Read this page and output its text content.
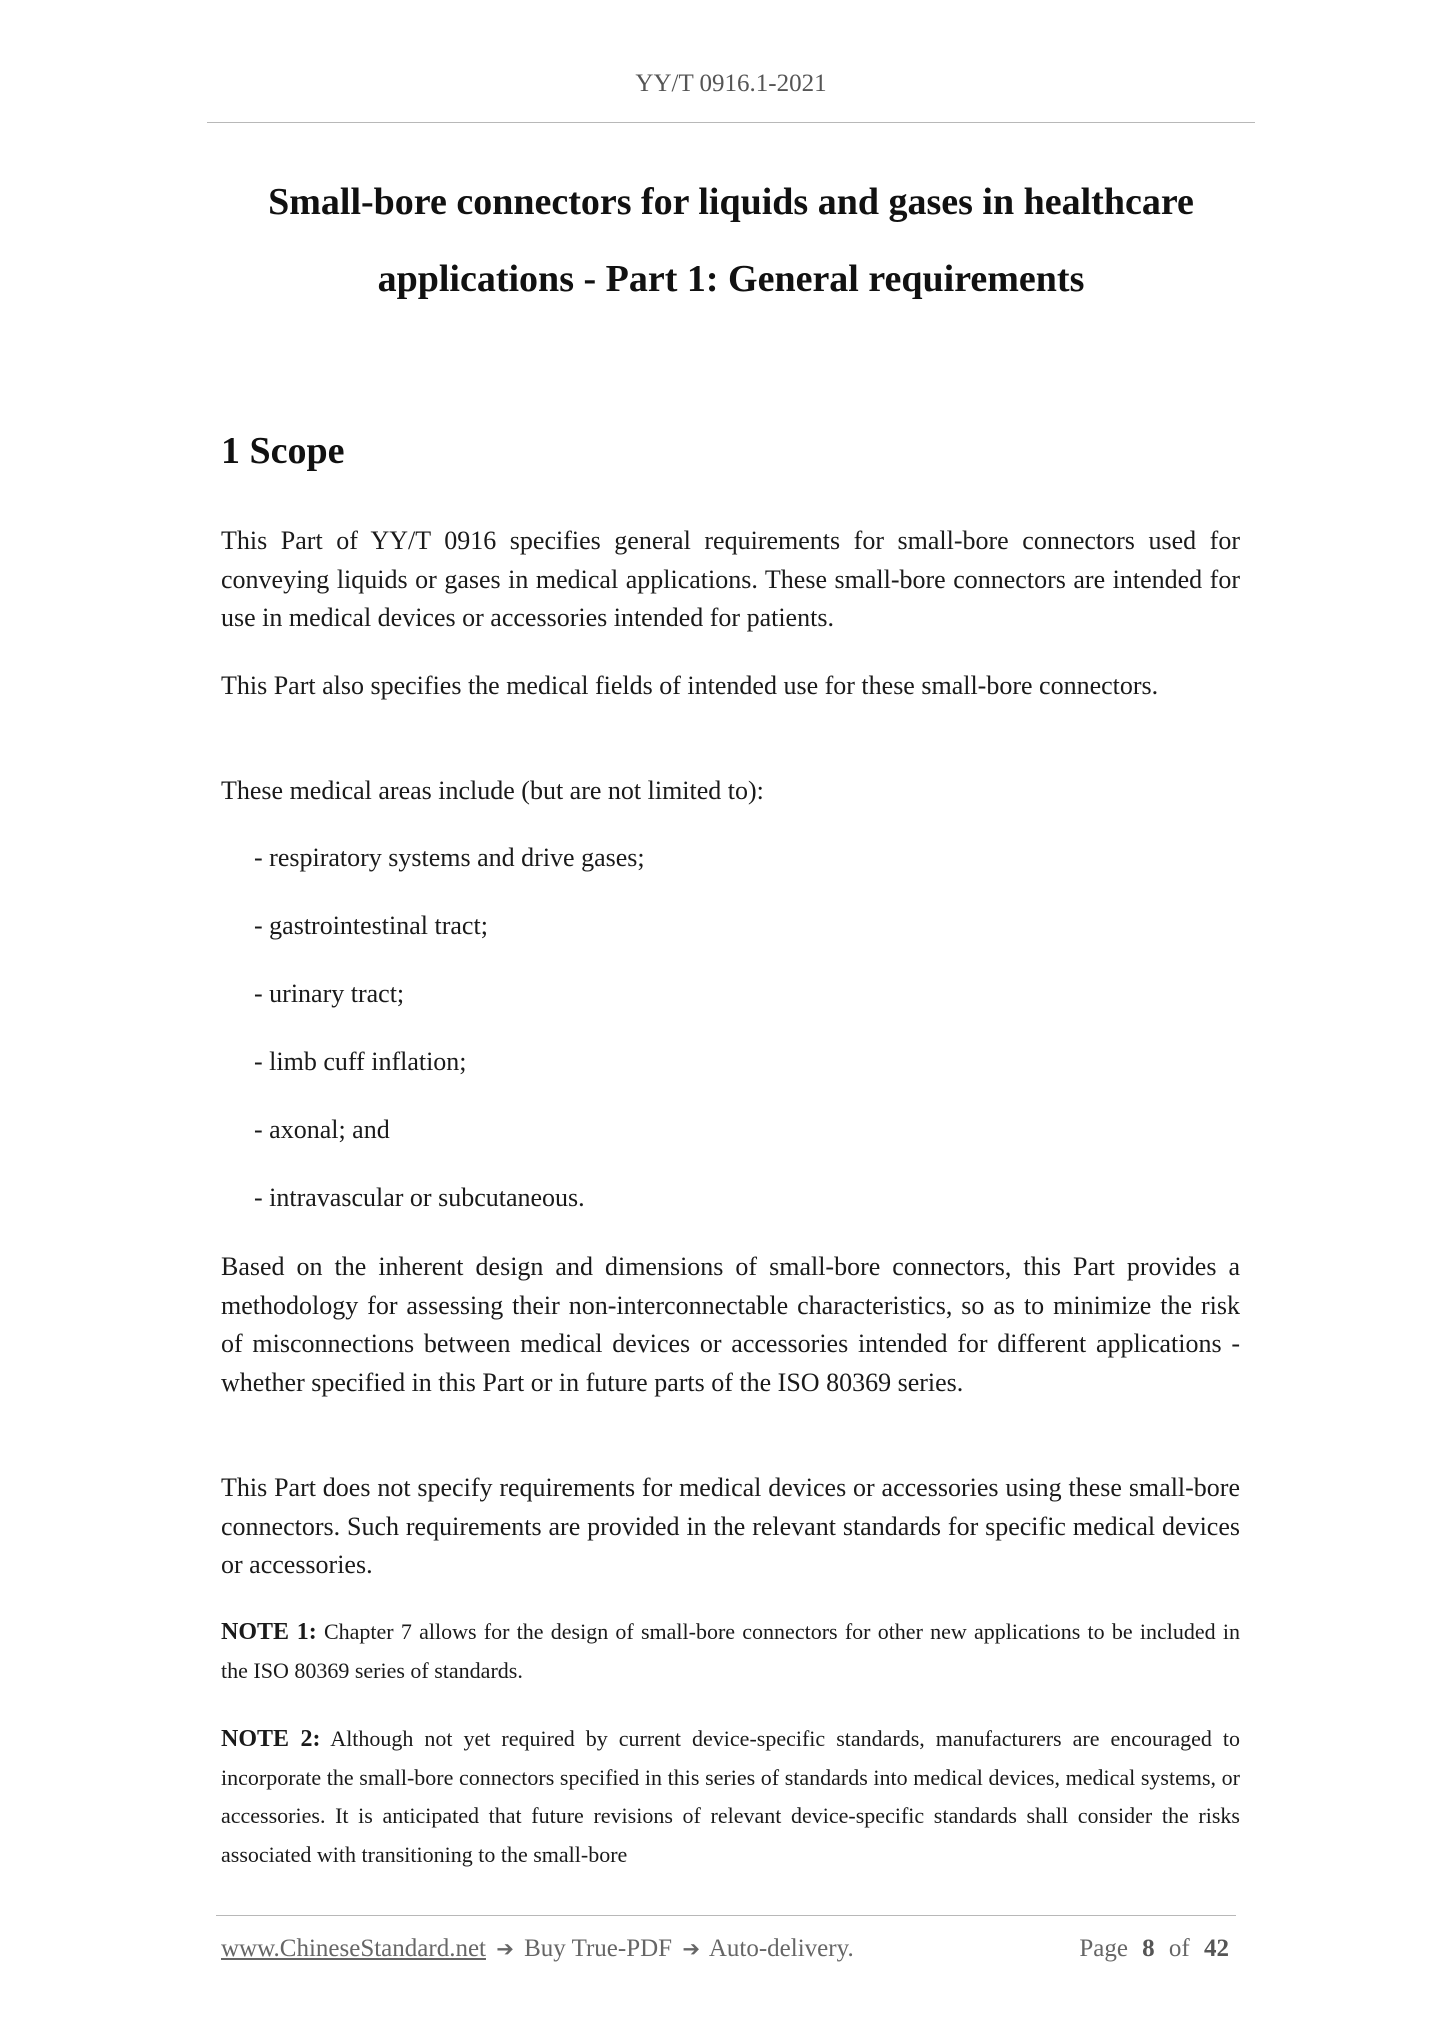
YY/T 0916.1-2021
Small-bore connectors for liquids and gases in healthcare
applications - Part 1: General requirements
1 Scope
This Part of YY/T 0916 specifies general requirements for small-bore connectors used for conveying liquids or gases in medical applications. These small-bore connectors are intended for use in medical devices or accessories intended for patients.
This Part also specifies the medical fields of intended use for these small-bore connectors.
These medical areas include (but are not limited to):
- respiratory systems and drive gases;
- gastrointestinal tract;
- urinary tract;
- limb cuff inflation;
- axonal; and
- intravascular or subcutaneous.
Based on the inherent design and dimensions of small-bore connectors, this Part provides a methodology for assessing their non-interconnectable characteristics, so as to minimize the risk of misconnections between medical devices or accessories intended for different applications - whether specified in this Part or in future parts of the ISO 80369 series.
This Part does not specify requirements for medical devices or accessories using these small-bore connectors. Such requirements are provided in the relevant standards for specific medical devices or accessories.
NOTE 1: Chapter 7 allows for the design of small-bore connectors for other new applications to be included in the ISO 80369 series of standards.
NOTE 2: Although not yet required by current device-specific standards, manufacturers are encouraged to incorporate the small-bore connectors specified in this series of standards into medical devices, medical systems, or accessories. It is anticipated that future revisions of relevant device-specific standards shall consider the risks associated with transitioning to the small-bore
www.ChineseStandard.net ➔ Buy True-PDF ➔ Auto-delivery.	Page 8 of 42
